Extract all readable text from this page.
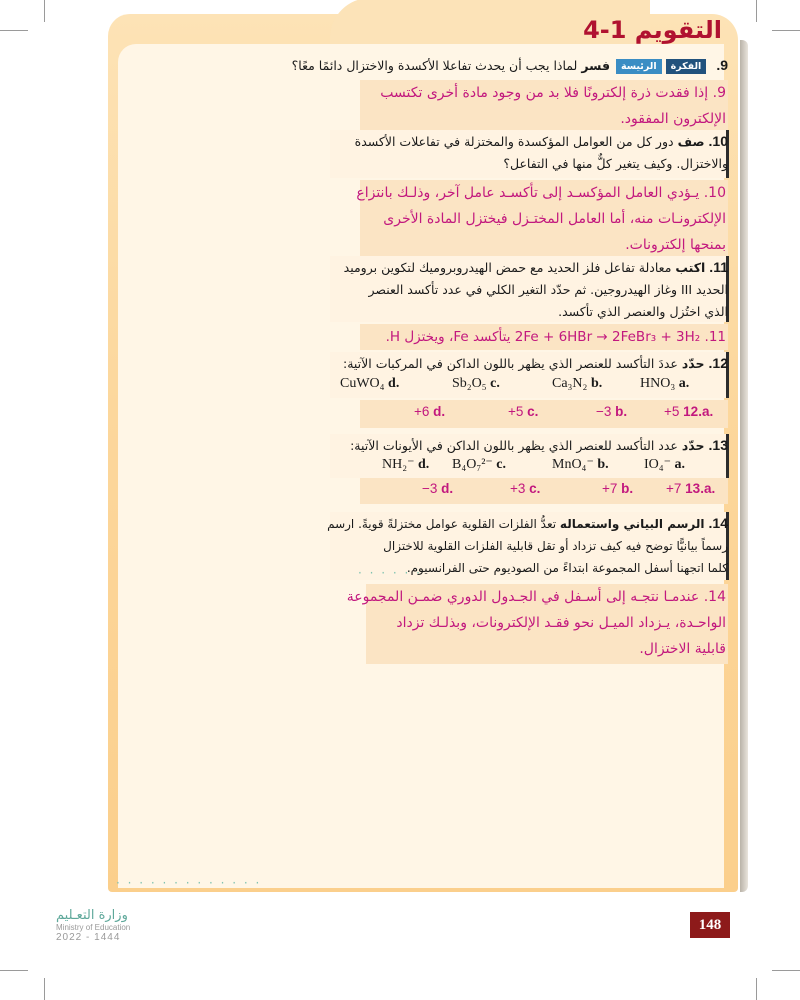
التقويم 1-4
9. الفكرةالرئيسة فسر لماذا يجب أن يحدث تفاعلا الأكسدة والاختزال دائمًا معًا؟
9. إذا فقدت ذرة إلكترونًا فلا بد من وجود مادة أخرى تكتسب
الإلكترون المفقود.
10.صف دور كل من العوامل المؤكسدة والمختزلة في تفاعلات الأكسدة
والاختزال. وكيف يتغير كلٌّ منها في التفاعل؟
10. يـؤدي العامل المؤكسـد إلى تأكسـد عامل آخر، وذلـك بانتزاع
الإلكترونـات منه، أما العامل المختـزل فيختزل المادة الأخرى
بمنحها إلكترونات.
11.اكتب معادلة تفاعل فلز الحديد مع حمض الهيدروبروميك لتكوين بروميد
الحديد III وغاز الهيدروجين. ثم حدّد التغير الكلي في عدد تأكسد العنصر
الذي اختُزل والعنصر الذي تأكسد.
11. 2Fe + 6HBr → 2FeBr₃ + 3H₂ يتأكسد Fe، ويختزل H.
12.حدّد عددَ التأكسد للعنصر الذي يظهر باللون الداكن في المركبات الآتية:
CuWO₄ d.	Sb₂O₅ c.	Ca₃N₂ b.	HNO₃ a.
+6 d.	+5 c.	−3 b.	+5 12.a.
13.حدّد عدد التأكسد للعنصر الذي يظهر باللون الداكن في الأيونات الآتية:
NH₂⁻ d. B₄O₇²⁻ c.	MnO₄⁻ b.	IO₄⁻ a.
−3 d.	+3 c.	+7 b. +7 13.a.
14.الرسم البياني واستعماله تعدُّ الفلزات القلوية عوامل مختزلةً قويةً. ارسم
رسماً بيانيًّا توضح فيه كيف تزداد أو تقل قابلية الفلزات القلوية للاختزال
كلما اتجهنا أسفل المجموعة ابتداءً من الصوديوم حتى الفرانسيوم.
· · · · · ·
14. عندمـا نتجـه إلى أسـفل في الجـدول الدوري ضمـن المجموعة
الواحـدة، يـزداد الميـل نحو فقـد الإلكترونات، وبذلـك تزداد
قابلية الاختزال.
· · · · · · · · · · · · ·
148
وزارة التعـليم
Ministry of Education
2022 - 1444
